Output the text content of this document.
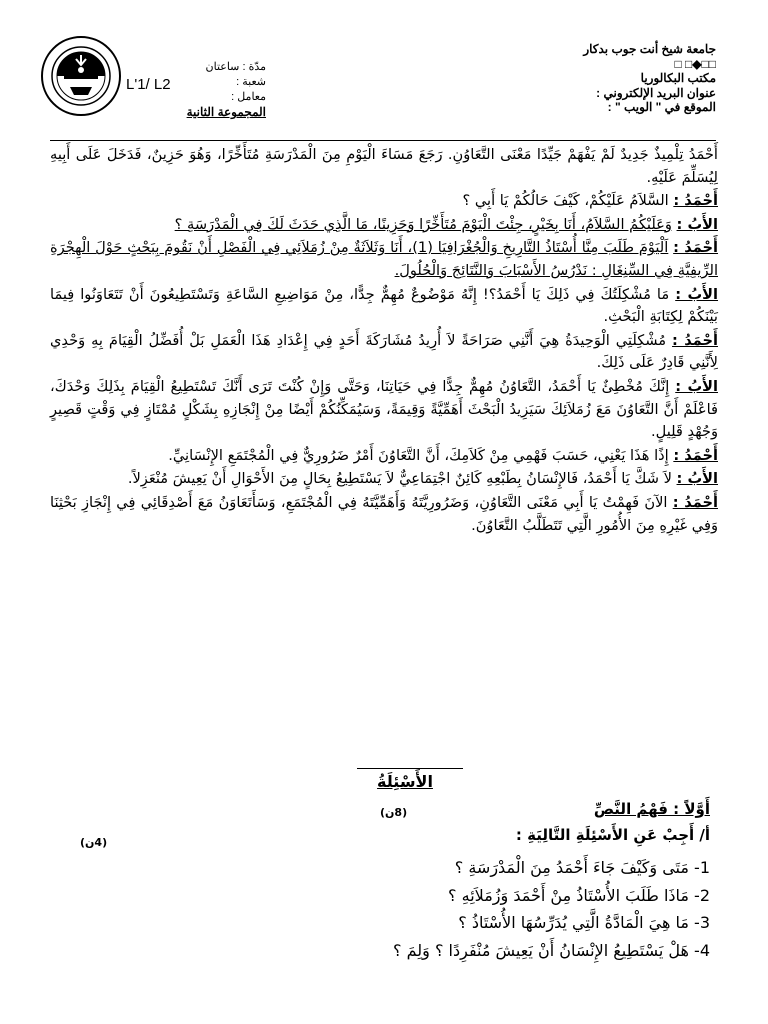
L'1/ L2
مدّة : ساعتان
شعبة :
معامل :
المجموعة الثانية
جامعة شيخ أنت جوب بدكار
□□◆□ □
مكتب البكالوريا
عنوان البريد الإلكتروني :
الموقع في " الويب " :

أَحْمَدُ تِلْمِيذٌ جَدِيدٌ لَمْ يَفْهَمْ جَيِّدًا مَعْنَى التَّعَاوُنِ. رَجَعَ مَسَاءَ الْيَوْمِ مِنَ الْمَدْرَسَةِ مُتَأَخِّرًا، وَهُوَ حَزِينٌ، فَدَخَلَ عَلَى أَبِيهِ لِيُسَلِّمَ عَلَيْهِ.

أَحْمَدُ : السَّلاَمُ عَلَيْكُمْ، كَيْفَ حَالُكُمْ يَا أَبِي ؟

الأَبُ : وَعَلَيْكُمُ السَّلاَمُ، أَنَا بِخَيْرٍ، جِئْتَ الْيَوْمَ مُتَأَخِّرًا وَحَزِينًا، مَا الَّذِي حَدَثَ لَكَ فِي الْمَدْرَسَةِ ؟

أَحْمَدُ : اَلْيَوْمَ طَلَبَ مِنَّا أُسْتَاذُ التَّارِيخِ وَالْجُغْرَافِيَا (1)، أَنَا وَثَلاَثَةٌ مِنْ زُمَلاَئِي فِي الْفَصْلِ أَنْ نَقُومَ بِبَحْثٍ حَوْلَ الْهِجْرَةِ الرِّيفِيَّةِ فِي السِّنِغَالِ : نَدْرُسُ الأَسْبَابَ وَالنَّتَائِجَ وَالْحُلُولَ.

الأَبُ : مَا مُشْكِلَتُكَ فِي ذَلِكَ يَا أَحْمَدُ؟! إِنَّهُ مَوْضُوعٌ مُهِمٌّ جِدًّا، مِنْ مَوَاضِيعِ السَّاعَةِ وَتَسْتَطِيعُونَ أَنْ تَتَعَاوَنُوا فِيمَا بَيْنَكُمْ لِكِتَابَةِ الْبَحْثِ.

أَحْمَدُ : مُشْكِلَتِي الْوَحِيدَةُ هِيَ أَنَّنِي صَرَاحَةً لاَ أُرِيدُ مُشَارَكَةَ أَحَدٍ فِي إِعْدَادِ هَذَا الْعَمَلِ بَلْ أُفَضِّلُ الْقِيَامَ بِهِ وَحْدِي لِأَنَّنِي قَادِرٌ عَلَى ذَلِكَ.

الأَبُ : إِنَّكَ مُخْطِئٌ يَا أَحْمَدُ، التَّعَاوُنُ مُهِمٌّ جِدًّا فِي حَيَاتِنَا، وَحَتَّى وَإِنْ كُنْتَ تَرَى أَنَّكَ تَسْتَطِيعُ الْقِيَامَ بِذَلِكَ وَحْدَكَ، فَاعْلَمْ أَنَّ التَّعَاوُنَ مَعَ زُمَلاَئِكَ سَيَزِيدُ الْبَحْثَ أَهَمِّيَّةً وَقِيمَةً، وَسَيُمَكِّنُكُمْ أَيْضًا مِنْ إِنْجَازِهِ بِشَكْلٍ مُمْتَازٍ فِي وَقْتٍ قَصِيرٍ وَجُهْدٍ قَلِيلٍ.

أَحْمَدُ : إِذًا هَذَا يَعْنِي، حَسَبَ فَهْمِي مِنْ كَلاَمِكَ، أَنَّ التَّعَاوُنَ أَمْرٌ ضَرُورِيٌّ فِي الْمُجْتَمَعِ الإِنْسَانِيِّ.

الأَبُ : لاَ شَكَّ يَا أَحْمَدُ، فَالإِنْسَانُ بِطَبْعِهِ كَائِنٌ اجْتِمَاعِيٌّ لاَ يَسْتَطِيعُ بِحَالٍ مِنَ الأَحْوَالِ أَنْ يَعِيشَ مُنْعَزِلاً.

أَحْمَدُ : الآنَ فَهِمْتُ يَا أَبِي مَعْنَى التَّعَاوُنِ، وَضَرُورِيَّتَهُ وَأَهَمِّيَّتَهُ فِي الْمُجْتَمَعِ، وَسَأَتَعَاوَنُ مَعَ أَصْدِقَائِي فِي إِنْجَازِ بَحْثِنَا وَفِي غَيْرِهِ مِنَ الأُمُورِ الَّتِي تَتَطَلَّبُ التَّعَاوُنَ.

الأَسْئِلَةُ
(8ن)	أَوَّلاً : فَهْمُ النَّصِّ
أ/ أَجِبْ عَنِ الأَسْئِلَةِ التَّالِيَةِ :
(4ن)
1- مَتَى وَكَيْفَ جَاءَ أَحْمَدُ مِنَ الْمَدْرَسَةِ ؟
2- مَاذَا طَلَبَ الأُسْتَاذُ مِنْ أَحْمَدَ وَزُمَلاَئِهِ ؟
3- مَا هِيَ الْمَادَّةُ الَّتِي يُدَرِّسُهَا الأُسْتَاذُ ؟
4- هَلْ يَسْتَطِيعُ الإِنْسَانُ أَنْ يَعِيشَ مُنْفَرِدًا ؟ وَلِمَ ؟
